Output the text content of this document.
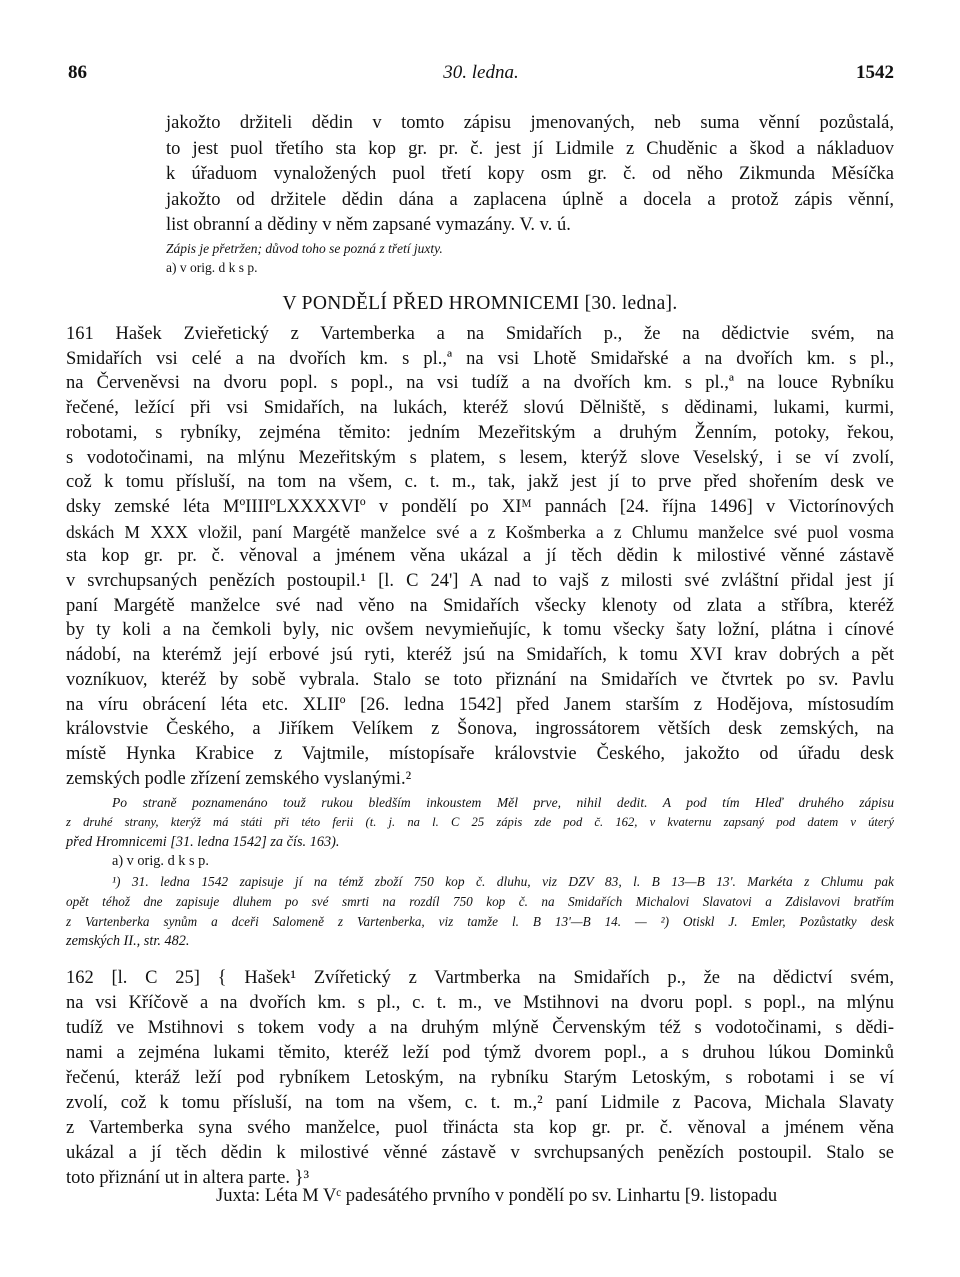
86	30. ledna.	1542
jakožto držiteli dědin v tomto zápisu jmenovaných, neb suma věnní pozůstalá,
to jest puol třetího sta kop gr. pr. č. jest jí Lidmile z Chuděnic a škod a nákladuov
k úřaduom vynaložených puol třetí kopy osm gr. č. od něho Zikmunda Měsíčka
jakožto od držitele dědin dána a zaplacena úplně a docela a protož zápis věnní,
list obranní a dědiny v něm zapsané vymazány. V. v. ú.
Zápis je přetržen; důvod toho se pozná z třetí juxty.
a) v orig. d k s p.
V PONDĚLÍ PŘED HROMNICEMI [30. ledna].
161 Hašek Zvieřetický z Vartemberka a na Smidařích p., že na dědictvie svém, na
Smidařích vsi celé a na dvořích km. s pl.,ª na vsi Lhotě Smidařské a na dvořích km. s pl.,
na Červeněvsi na dvoru popl. s popl., na vsi tudíž a na dvořích km. s pl.,ª na louce Rybníku
řečené, ležící při vsi Smidařích, na lukách, kteréž slovú Dělniště, s dědinami, lukami, kurmi,
robotami, s rybníky, zejména těmito: jedním Mezeřitským a druhým Ženním, potoky, řekou,
s vodotočinami, na mlýnu Mezeřitským s platem, s lesem, kterýž slove Veselský, i se ví zvolí,
což k tomu přísluší, na tom na všem, c. t. m., tak, jakž jest jí to prve před shořením desk ve
dsky zemské léta MºIIIIºLXXXXVIº v pondělí po XIᴹ pannách [24. října 1496] v Victorínových
dskách M XXX vložil, paní Margétě manželce své a z Košmberka a z Chlumu manželce své puol vosma
sta kop gr. pr. č. věnoval a jménem věna ukázal a jí těch dědin k milostivé věnné zástavě
v svrchupsaných penězích postoupil.¹ [l. C 24'] A nad to vajš z milosti své zvláštní přidal jest jí
paní Margétě manželce své nad věno na Smidařích všecky klenoty od zlata a stříbra, kteréž
by ty koli a na čemkoli byly, nic ovšem nevymieňujíc, k tomu všecky šaty ložní, plátna i cínové
nádobí, na kterémž její erbové jsú ryti, kteréž jsú na Smidařích, k tomu XVI krav dobrých a pět
vozníkuov, kteréž by sobě vybrala. Stalo se toto přiznání na Smidařích ve čtvrtek po sv. Pavlu
na víru obrácení léta etc. XLIIº [26. ledna 1542] před Janem starším z Hodějova, místosudím
královstvie Českého, a Jiříkem Velíkem z Šonova, ingrossátorem větších desk zemských, na
místě Hynka Krabice z Vajtmile, místopísaře královstvie Českého, jakožto od úřadu desk
zemských podle zřízení zemského vyslanými.²
Po straně poznamenáno touž rukou bledším inkoustem Měl prve, nihil dedit. A pod tím Hleď druhého zápisu
z druhé strany, kterýž má státi při této ferii (t. j. na l. C 25 zápis zde pod č. 162, v kvaternu zapsaný pod datem v úterý
před Hromnicemi [31. ledna 1542] za čís. 163).
a) v orig. d k s p.
¹) 31. ledna 1542 zapisuje jí na témž zboží 750 kop č. dluhu, viz DZV 83, l. B 13—B 13'. Markéta z Chlumu pak
opět téhož dne zapisuje dluhem po své smrti na rozdíl 750 kop č. na Smidařích Michalovi Slavatovi a Zdislavovi bratřím
z Vartenberka synům a dceři Salomeně z Vartenberka, viz tamže l. B 13'—B 14. — ²) Otiskl J. Emler, Pozůstatky desk
zemských II., str. 482.
162 [l. C 25] { Hašek¹ Zvířetický z Vartmberka na Smidařích p., že na dědictví svém,
na vsi Kříčově a na dvořích km. s pl., c. t. m., ve Mstihnovi na dvoru popl. s popl., na mlýnu
tudíž ve Mstihnovi s tokem vody a na druhým mlýně Červenským též s vodotočinami, s dědi-
nami a zejména lukami těmito, kteréž leží pod týmž dvorem popl., a s druhou lúkou Dominků
řečenú, kteráž leží pod rybníkem Letoským, na rybníku Starým Letoským, s robotami i se ví
zvolí, což k tomu přísluší, na tom na všem, c. t. m.,² paní Lidmile z Pacova, Michala Slavaty
z Vartemberka syna svého manželce, puol třinácta sta kop gr. pr. č. věnoval a jménem věna
ukázal a jí těch dědin k milostivé věnné zástavě v svrchupsaných penězích postoupil. Stalo se
toto přiznání ut in altera parte. }³
Juxta: Léta M Vᶜ padesátého prvního v pondělí po sv. Linhartu [9. listopadu
